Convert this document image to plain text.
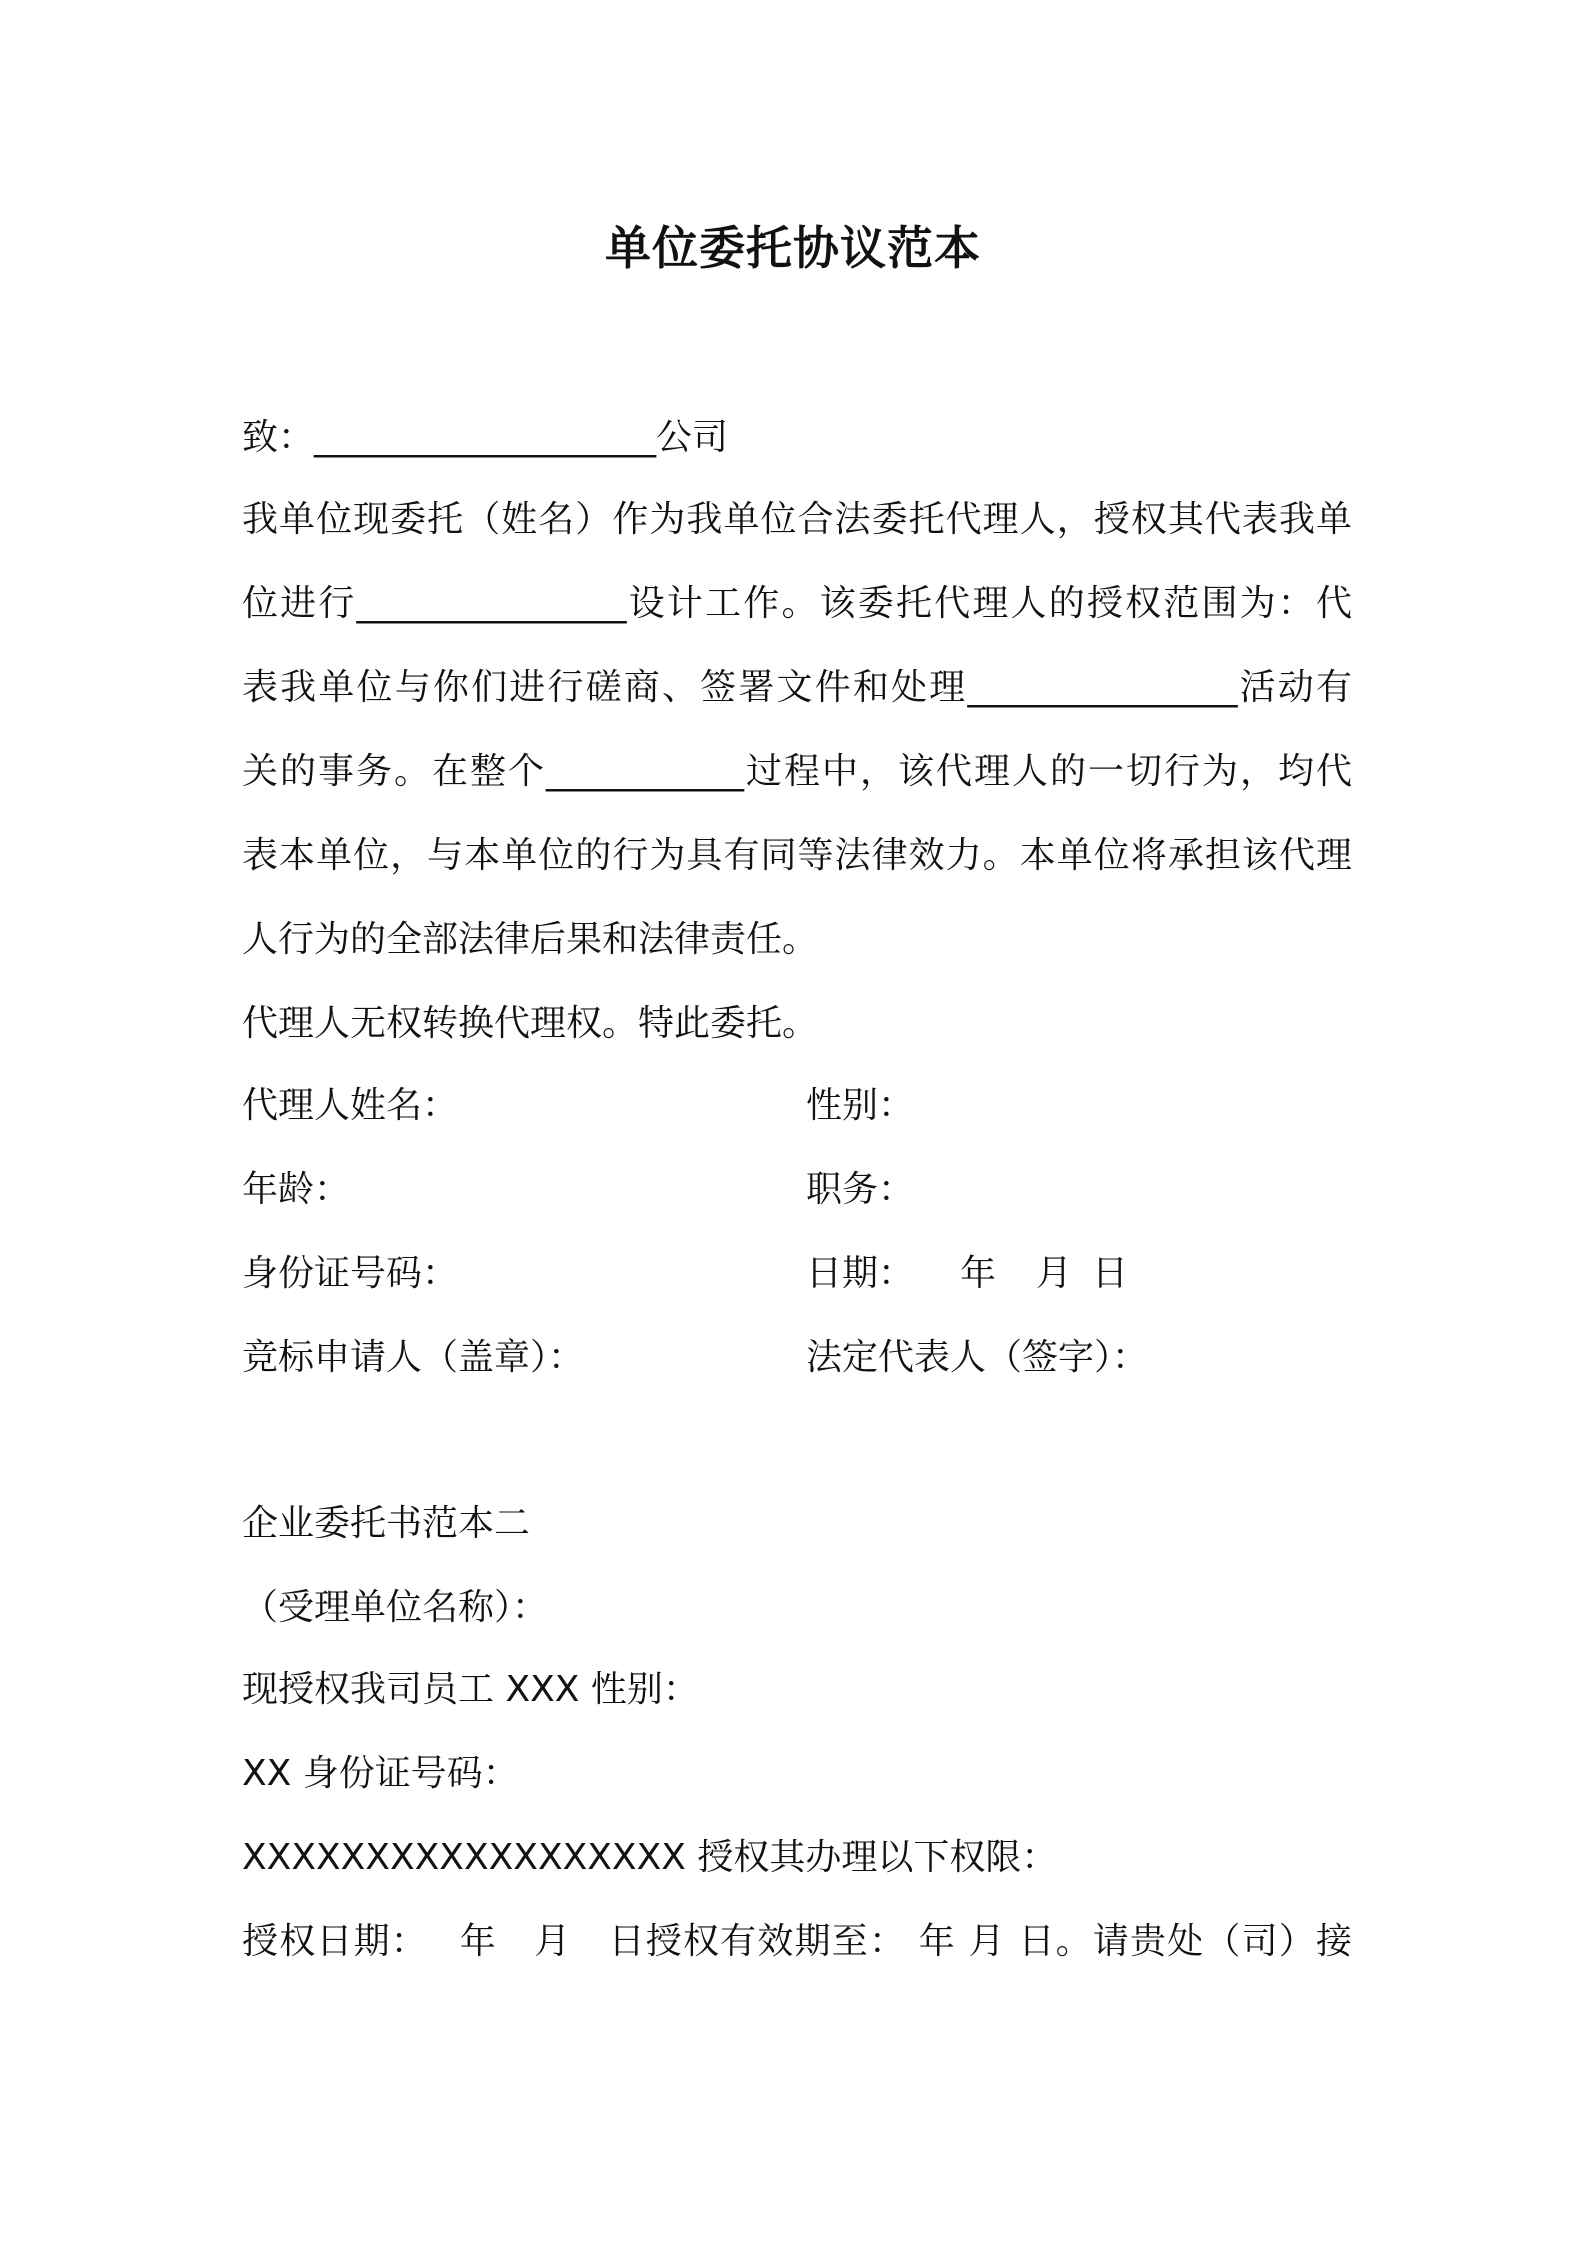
单位委托协议范本
致：___________________公司
我单位现委托（姓名）作为我单位合法委托代理人，授权其代表我单
位进行_______________设计工作。该委托代理人的授权范围为：代
表我单位与你们进行磋商、签署文件和处理_______________活动有
关的事务。在整个___________过程中，该代理人的一切行为，均代
表本单位，与本单位的行为具有同等法律效力。本单位将承担该代理
人行为的全部法律后果和法律责任。
代理人无权转换代理权。特此委托。
代理人姓名：	性别：
年龄：	职务：
身份证号码：	日期： 年 月 日
竞标申请人（盖章）：	法定代表人（签字）：
企业委托书范本二
（受理单位名称）：
现授权我司员工 XXX 性别：
XX 身份证号码：
XXXXXXXXXXXXXXXXXX 授权其办理以下权限：
授权日期：　 年　月　日授权有效期至： 年 月 日。请贵处（司）接
